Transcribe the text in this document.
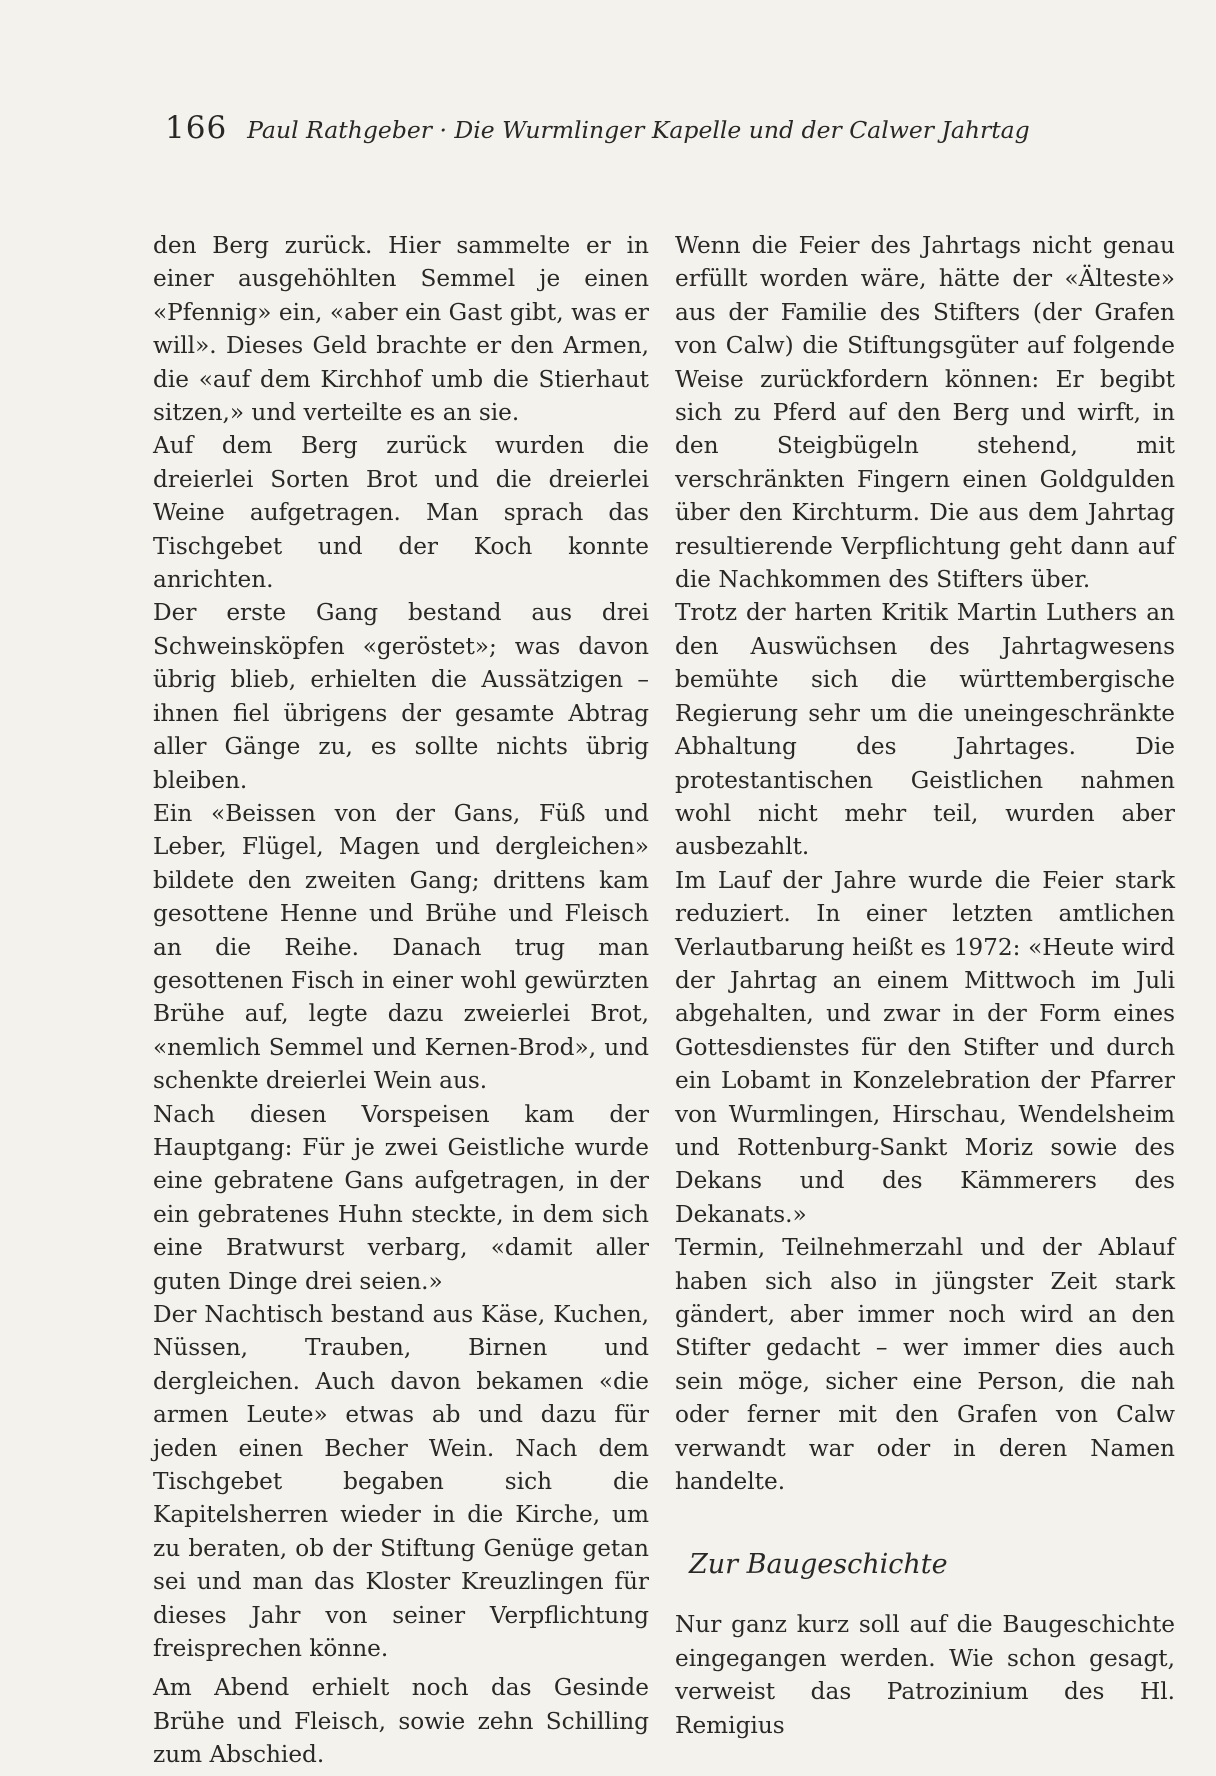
166 Paul Rathgeber · Die Wurmlinger Kapelle und der Calwer Jahrtag

den Berg zurück. Hier sammelte er in einer ausgehöhlten Semmel je einen «Pfennig» ein, «aber ein Gast gibt, was er will». Dieses Geld brachte er den Armen, die «auf dem Kirchhof umb die Stierhaut sitzen,» und verteilte es an sie.

Auf dem Berg zurück wurden die dreierlei Sorten Brot und die dreierlei Weine aufgetragen. Man sprach das Tischgebet und der Koch konnte anrichten.

Der erste Gang bestand aus drei Schweinsköpfen «geröstet»; was davon übrig blieb, erhielten die Aussätzigen – ihnen fiel übrigens der gesamte Abtrag aller Gänge zu, es sollte nichts übrig bleiben.

Ein «Beissen von der Gans, Füß und Leber, Flügel, Magen und dergleichen» bildete den zweiten Gang; drittens kam gesottene Henne und Brühe und Fleisch an die Reihe. Danach trug man gesottenen Fisch in einer wohl gewürzten Brühe auf, legte dazu zweierlei Brot, «nemlich Semmel und Kernen-Brod», und schenkte dreierlei Wein aus.

Nach diesen Vorspeisen kam der Hauptgang: Für je zwei Geistliche wurde eine gebratene Gans aufgetragen, in der ein gebratenes Huhn steckte, in dem sich eine Bratwurst verbarg, «damit aller guten Dinge drei seien.»

Der Nachtisch bestand aus Käse, Kuchen, Nüssen, Trauben, Birnen und dergleichen. Auch davon bekamen «die armen Leute» etwas ab und dazu für jeden einen Becher Wein. Nach dem Tischgebet begaben sich die Kapitelsherren wieder in die Kirche, um zu beraten, ob der Stiftung Genüge getan sei und man das Kloster Kreuzlingen für dieses Jahr von seiner Verpflichtung freisprechen könne.

Am Abend erhielt noch das Gesinde Brühe und Fleisch, sowie zehn Schilling zum Abschied.

Wenn die Feier des Jahrtags nicht genau erfüllt worden wäre, hätte der «Älteste» aus der Familie des Stifters (der Grafen von Calw) die Stiftungsgüter auf folgende Weise zurückfordern können: Er begibt sich zu Pferd auf den Berg und wirft, in den Steigbügeln stehend, mit verschränkten Fingern einen Goldgulden über den Kirchturm. Die aus dem Jahrtag resultierende Verpflichtung geht dann auf die Nachkommen des Stifters über.

Trotz der harten Kritik Martin Luthers an den Auswüchsen des Jahrtagwesens bemühte sich die württembergische Regierung sehr um die uneingeschränkte Abhaltung des Jahrtages. Die protestantischen Geistlichen nahmen wohl nicht mehr teil, wurden aber ausbezahlt.

Im Lauf der Jahre wurde die Feier stark reduziert. In einer letzten amtlichen Verlautbarung heißt es 1972: «Heute wird der Jahrtag an einem Mittwoch im Juli abgehalten, und zwar in der Form eines Gottesdienstes für den Stifter und durch ein Lobamt in Konzelebration der Pfarrer von Wurmlingen, Hirschau, Wendelsheim und Rottenburg-Sankt Moriz sowie des Dekans und des Kämmerers des Dekanats.»

Termin, Teilnehmerzahl und der Ablauf haben sich also in jüngster Zeit stark gändert, aber immer noch wird an den Stifter gedacht – wer immer dies auch sein möge, sicher eine Person, die nah oder ferner mit den Grafen von Calw verwandt war oder in deren Namen handelte.

Zur Baugeschichte

Nur ganz kurz soll auf die Baugeschichte eingegangen werden. Wie schon gesagt, verweist das Patrozinium des Hl. Remigius
